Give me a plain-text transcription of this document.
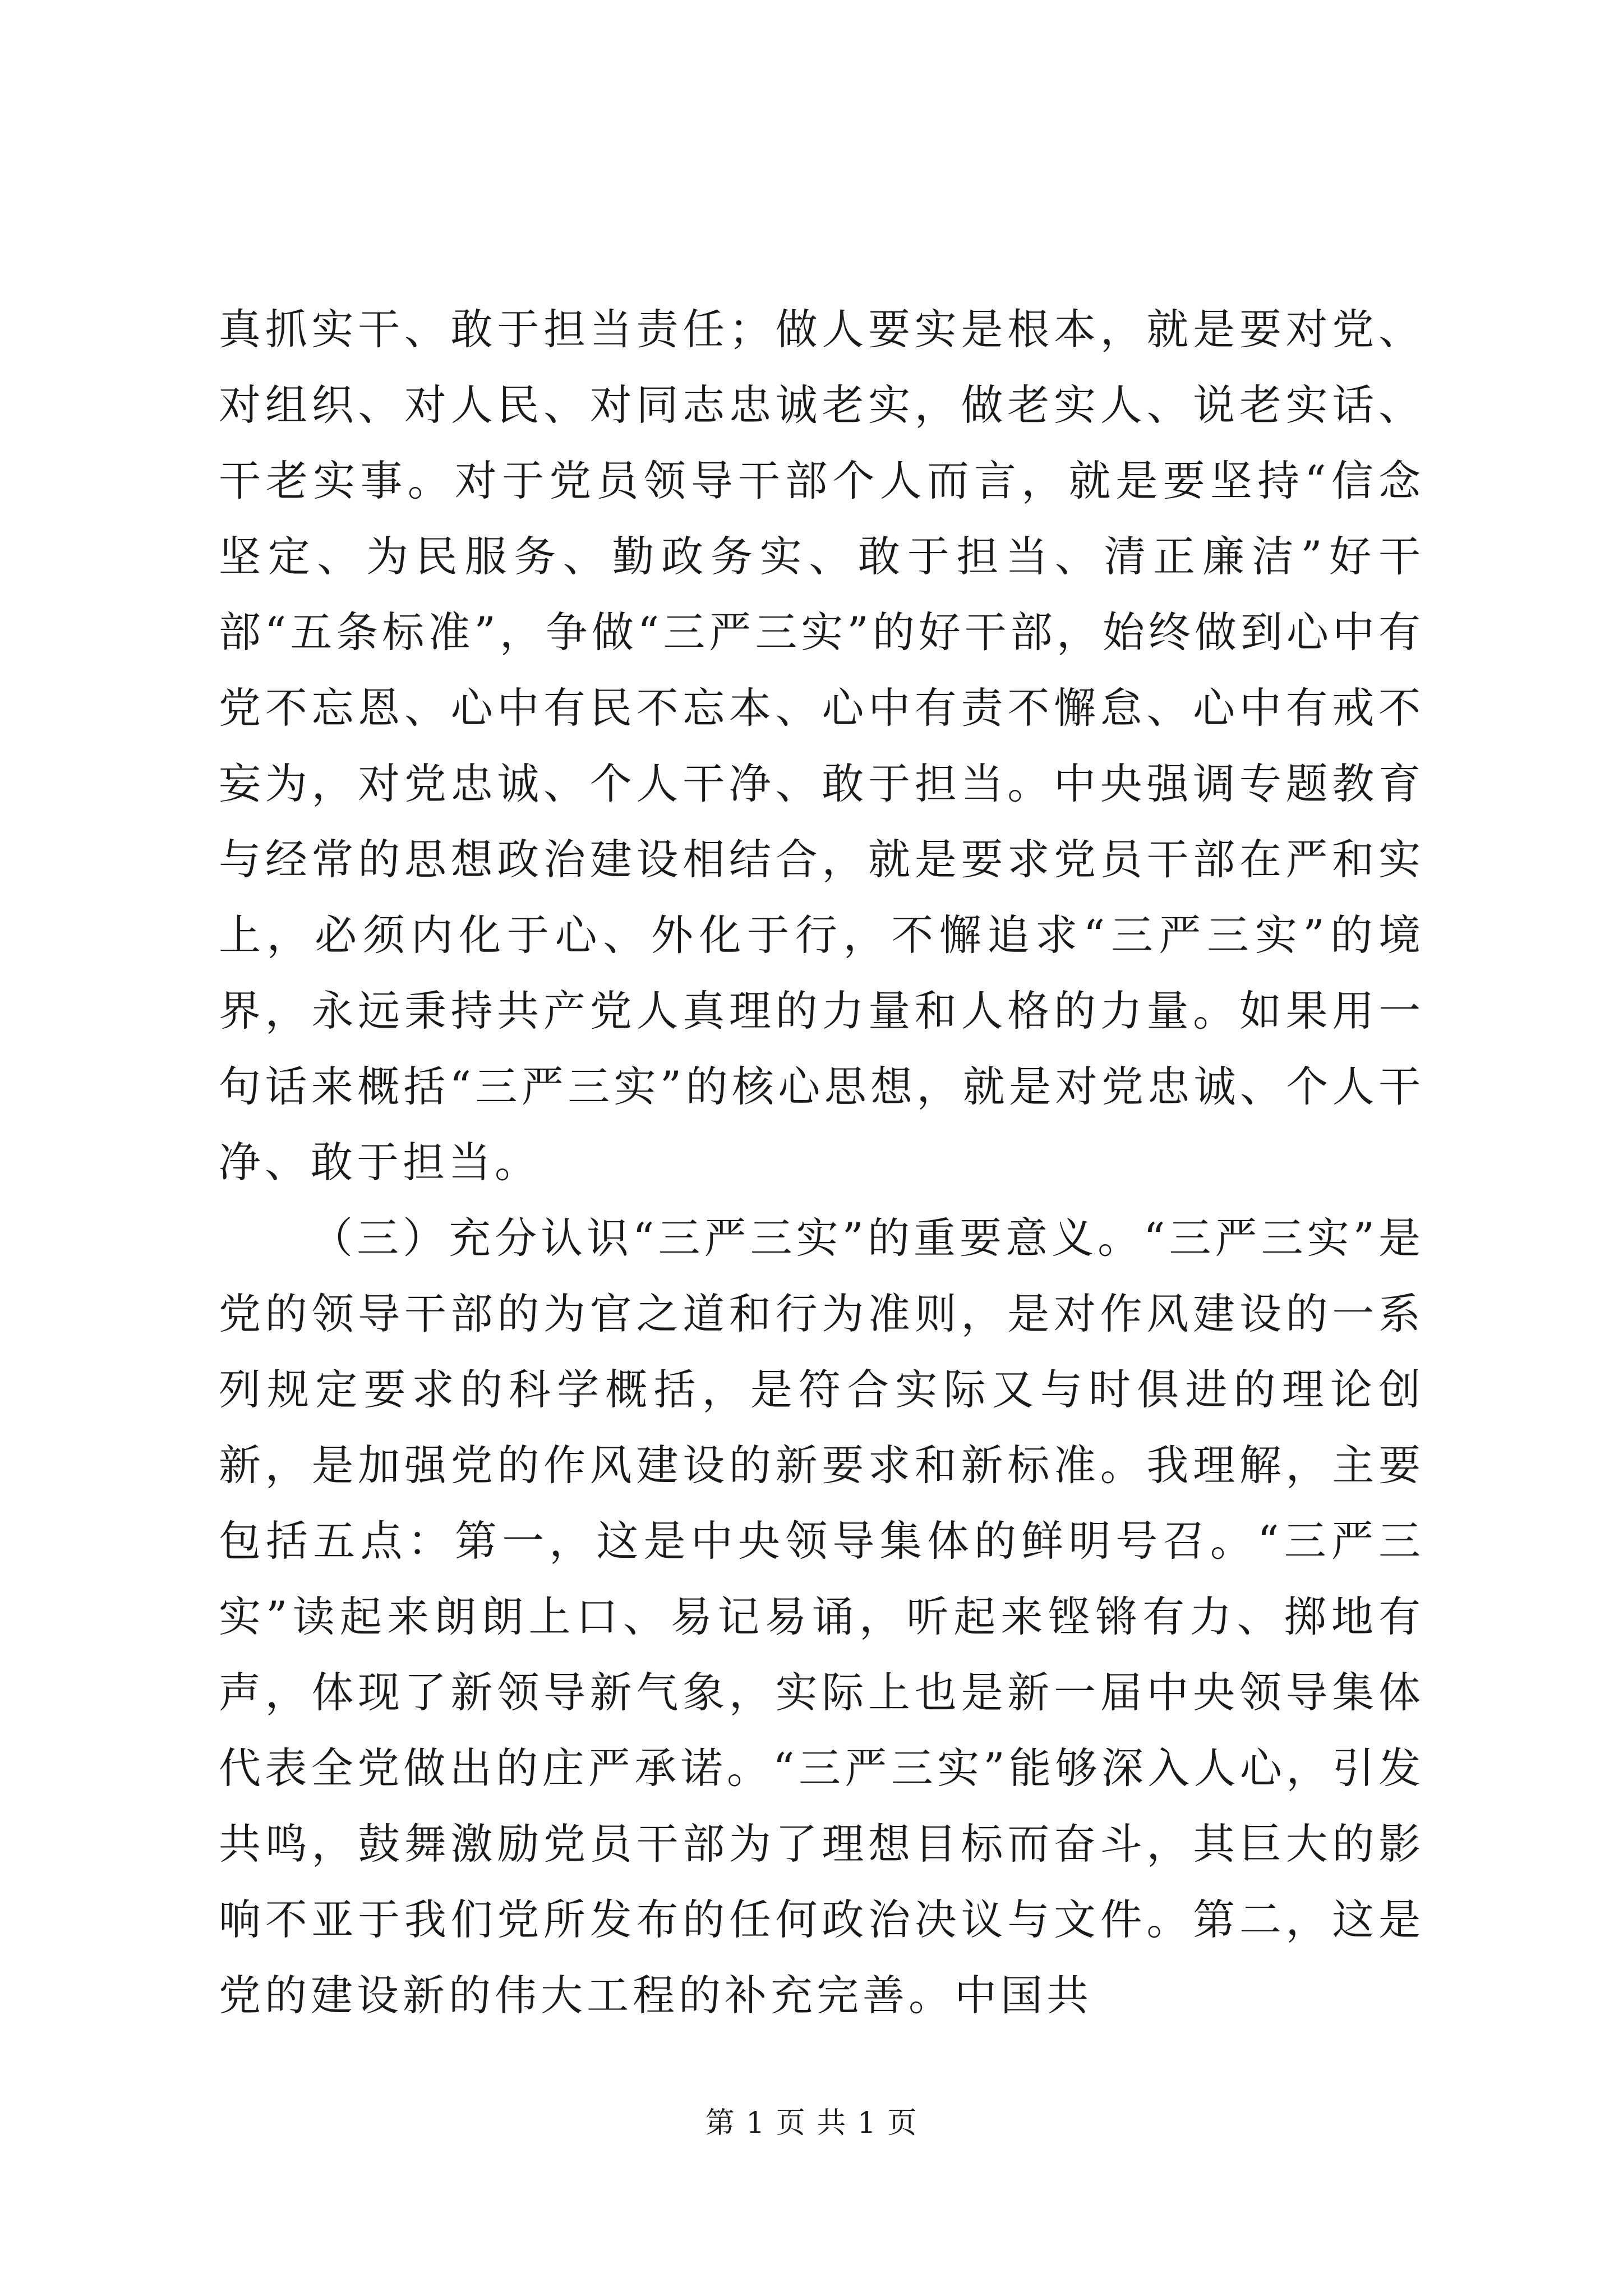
真抓实干、敢于担当责任；做人要实是根本，就是要对党、对组织、对人民、对同志忠诚老实，做老实人、说老实话、干老实事。对于党员领导干部个人而言，就是要坚持“信念坚定、为民服务、勤政务实、敢于担当、清正廉洁”好干部“五条标准”，争做“三严三实”的好干部，始终做到心中有党不忘恩、心中有民不忘本、心中有责不懈怠、心中有戒不妄为，对党忠诚、个人干净、敢于担当。中央强调专题教育与经常的思想政治建设相结合，就是要求党员干部在严和实上，必须内化于心、外化于行，不懈追求“三严三实”的境界，永远秉持共产党人真理的力量和人格的力量。如果用一句话来概括“三严三实”的核心思想，就是对党忠诚、个人干净、敢于担当。

（三）充分认识“三严三实”的重要意义。“三严三实”是党的领导干部的为官之道和行为准则，是对作风建设的一系列规定要求的科学概括，是符合实际又与时俱进的理论创新，是加强党的作风建设的新要求和新标准。我理解，主要包括五点：第一，这是中央领导集体的鲜明号召。“三严三实”读起来朗朗上口、易记易诵，听起来铿锵有力、掷地有声，体现了新领导新气象，实际上也是新一届中央领导集体代表全党做出的庄严承诺。“三严三实”能够深入人心，引发共鸣，鼓舞激励党员干部为了理想目标而奋斗，其巨大的影响不亚于我们党所发布的任何政治决议与文件。第二，这是党的建设新的伟大工程的补充完善。中国共

第 1 页 共 1 页
